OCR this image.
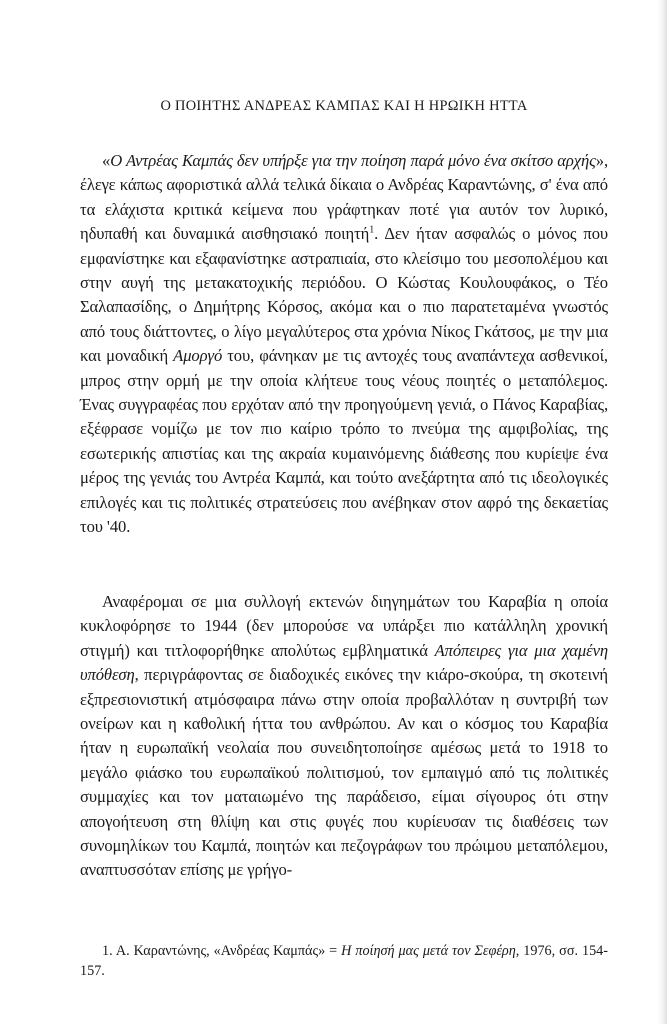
Ο ΠΟΙΗΤΗΣ ΑΝΔΡΕΑΣ ΚΑΜΠΑΣ ΚΑΙ Η ΗΡΩΙΚΗ ΗΤΤΑ
«Ο Αντρέας Καμπάς δεν υπήρξε για την ποίηση παρά μόνο ένα σκίτσο αρχής», έλεγε κάπως αφοριστικά αλλά τελικά δίκαια ο Ανδρέας Καραντώνης, σ' ένα από τα ελάχιστα κριτικά κείμενα που γράφτηκαν ποτέ για αυτόν τον λυρικό, ηδυπαθή και δυναμικά αισθησιακό ποιητή$^1$. Δεν ήταν ασφαλώς ο μόνος που εμφανίστηκε και εξαφανίστηκε αστραπιαία, στο κλείσιμο του μεσοπολέμου και στην αυγή της μετακατοχικής περιόδου. Ο Κώστας Κουλουφάκος, ο Τέο Σαλαπασίδης, ο Δημήτρης Κόρσος, ακόμα και ο πιο παρατεταμένα γνωστός από τους διάττοντες, ο λίγο μεγαλύτερος στα χρόνια Νίκος Γκάτσος, με την μια και μοναδική Αμοργό του, φάνηκαν με τις αντοχές τους αναπάντεχα ασθενικοί, μπρος στην ορμή με την οποία κλήτευε τους νέους ποιητές ο μεταπόλεμος. Ένας συγγραφέας που ερχόταν από την προηγούμενη γενιά, ο Πάνος Καραβίας, εξέφρασε νομίζω με τον πιο καίριο τρόπο το πνεύμα της αμφιβολίας, της εσωτερικής απιστίας και της ακραία κυμαινόμενης διάθεσης που κυρίεψε ένα μέρος της γενιάς του Αντρέα Καμπά, και τούτο ανεξάρτητα από τις ιδεολογικές επιλογές και τις πολιτικές στρατεύσεις που ανέβηκαν στον αφρό της δεκαετίας του '40.
Αναφέρομαι σε μια συλλογή εκτενών διηγημάτων του Καραβία η οποία κυκλοφόρησε το 1944 (δεν μπορούσε να υπάρξει πιο κατάλληλη χρονική στιγμή) και τιτλοφορήθηκε απολύτως εμβληματικά Απόπειρες για μια χαμένη υπόθεση, περιγράφοντας σε διαδοχικές εικόνες την κιάρο-σκούρα, τη σκοτεινή εξπρεσιονιστική ατμόσφαιρα πάνω στην οποία προβαλλόταν η συντριβή των ονείρων και η καθολική ήττα του ανθρώπου. Αν και ο κόσμος του Καραβία ήταν η ευρωπαϊκή νεολαία που συνειδητοποίησε αμέσως μετά το 1918 το μεγάλο φιάσκο του ευρωπαϊκού πολιτισμού, τον εμπαιγμό από τις πολιτικές συμμαχίες και τον ματαιωμένο της παράδεισο, είμαι σίγουρος ότι στην απογοήτευση στη θλίψη και στις φυγές που κυρίευσαν τις διαθέσεις των συνομηλίκων του Καμπά, ποιητών και πεζογράφων του πρώιμου μεταπόλεμου, αναπτυσσόταν επίσης με γρήγο-
1. Α. Καραντώνης, «Ανδρέας Καμπάς» = Η ποίησή μας μετά τον Σεφέρη, 1976, σσ. 154-157.
